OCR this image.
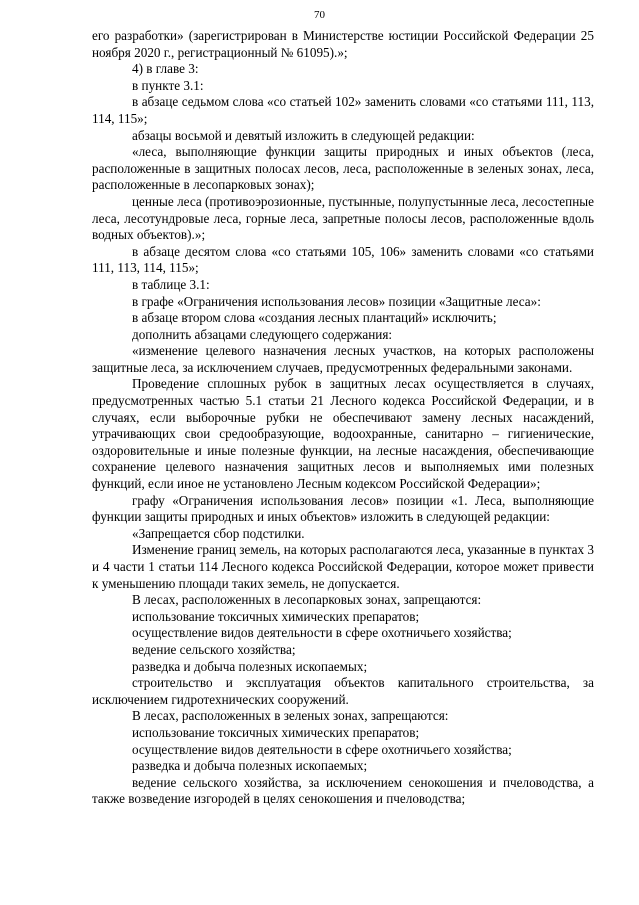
70

его разработки» (зарегистрирован в Министерстве юстиции Российской Федерации 25 ноября 2020 г., регистрационный № 61095).»;

4) в главе 3:

в пункте 3.1:

в абзаце седьмом слова «со статьей 102» заменить словами «со статьями 111, 113, 114, 115»;

абзацы восьмой и девятый изложить в следующей редакции:

«леса, выполняющие функции защиты природных и иных объектов (леса, расположенные в защитных полосах лесов, леса, расположенные в зеленых зонах, леса, расположенные в лесопарковых зонах);

ценные леса (противоэрозионные, пустынные, полупустынные леса, лесостепные леса, лесотундровые леса, горные леса, запретные полосы лесов, расположенные вдоль водных объектов).»;

в абзаце десятом слова «со статьями 105, 106» заменить словами «со статьями 111, 113, 114, 115»;

в таблице 3.1:

в графе «Ограничения использования лесов» позиции «Защитные леса»:

в абзаце втором слова «создания лесных плантаций» исключить;

дополнить абзацами следующего содержания:

«изменение целевого назначения лесных участков, на которых расположены защитные леса, за исключением случаев, предусмотренных федеральными законами.

Проведение сплошных рубок в защитных лесах осуществляется в случаях, предусмотренных частью 5.1 статьи 21 Лесного кодекса Российской Федерации, и в случаях, если выборочные рубки не обеспечивают замену лесных насаждений, утрачивающих свои средообразующие, водоохранные, санитарно – гигиенические, оздоровительные и иные полезные функции, на лесные насаждения, обеспечивающие сохранение целевого назначения защитных лесов и выполняемых ими полезных функций, если иное не установлено Лесным кодексом Российской Федерации»;

графу «Ограничения использования лесов» позиции «1. Леса, выполняющие функции защиты природных и иных объектов» изложить в следующей редакции:

«Запрещается сбор подстилки.

Изменение границ земель, на которых располагаются леса, указанные в пунктах 3 и 4 части 1 статьи 114 Лесного кодекса Российской Федерации, которое может привести к уменьшению площади таких земель, не допускается.

В лесах, расположенных в лесопарковых зонах, запрещаются:

использование токсичных химических препаратов;

осуществление видов деятельности в сфере охотничьего хозяйства;

ведение сельского хозяйства;

разведка и добыча полезных ископаемых;

строительство и эксплуатация объектов капитального строительства, за исключением гидротехнических сооружений.

В лесах, расположенных в зеленых зонах, запрещаются:

использование токсичных химических препаратов;

осуществление видов деятельности в сфере охотничьего хозяйства;

разведка и добыча полезных ископаемых;

ведение сельского хозяйства, за исключением сенокошения и пчеловодства, а также возведение изгородей в целях сенокошения и пчеловодства;
